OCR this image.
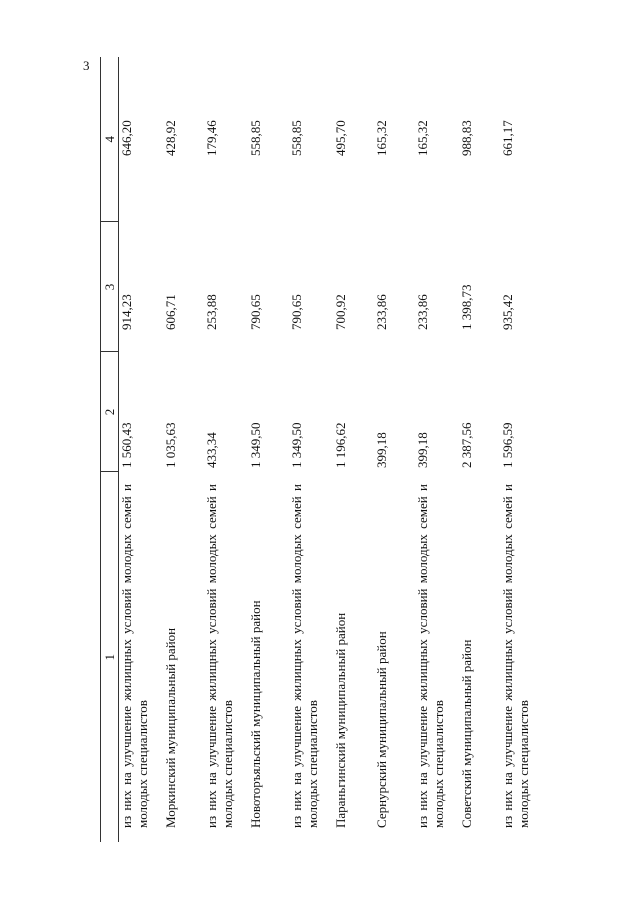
3
1	2	3	4
из них на улучшение жилищных условий молодых семей и молодых специалистов	1 560,43	914,23	646,20
Моркинский муниципальный район	1 035,63	606,71	428,92
из них на улучшение жилищных условий молодых семей и молодых специалистов	433,34	253,88	179,46
Новоторъяльский муниципальный район	1 349,50	790,65	558,85
из них на улучшение жилищных условий молодых семей и молодых специалистов	1 349,50	790,65	558,85
Параньгинский муниципальный район	1 196,62	700,92	495,70
Сернурский муниципальный район	399,18	233,86	165,32
из них на улучшение жилищных условий молодых семей и молодых специалистов	399,18	233,86	165,32
Советский муниципальный район	2 387,56	1 398,73	988,83
из них на улучшение жилищных условий молодых семей и молодых специалистов	1 596,59	935,42	661,17
